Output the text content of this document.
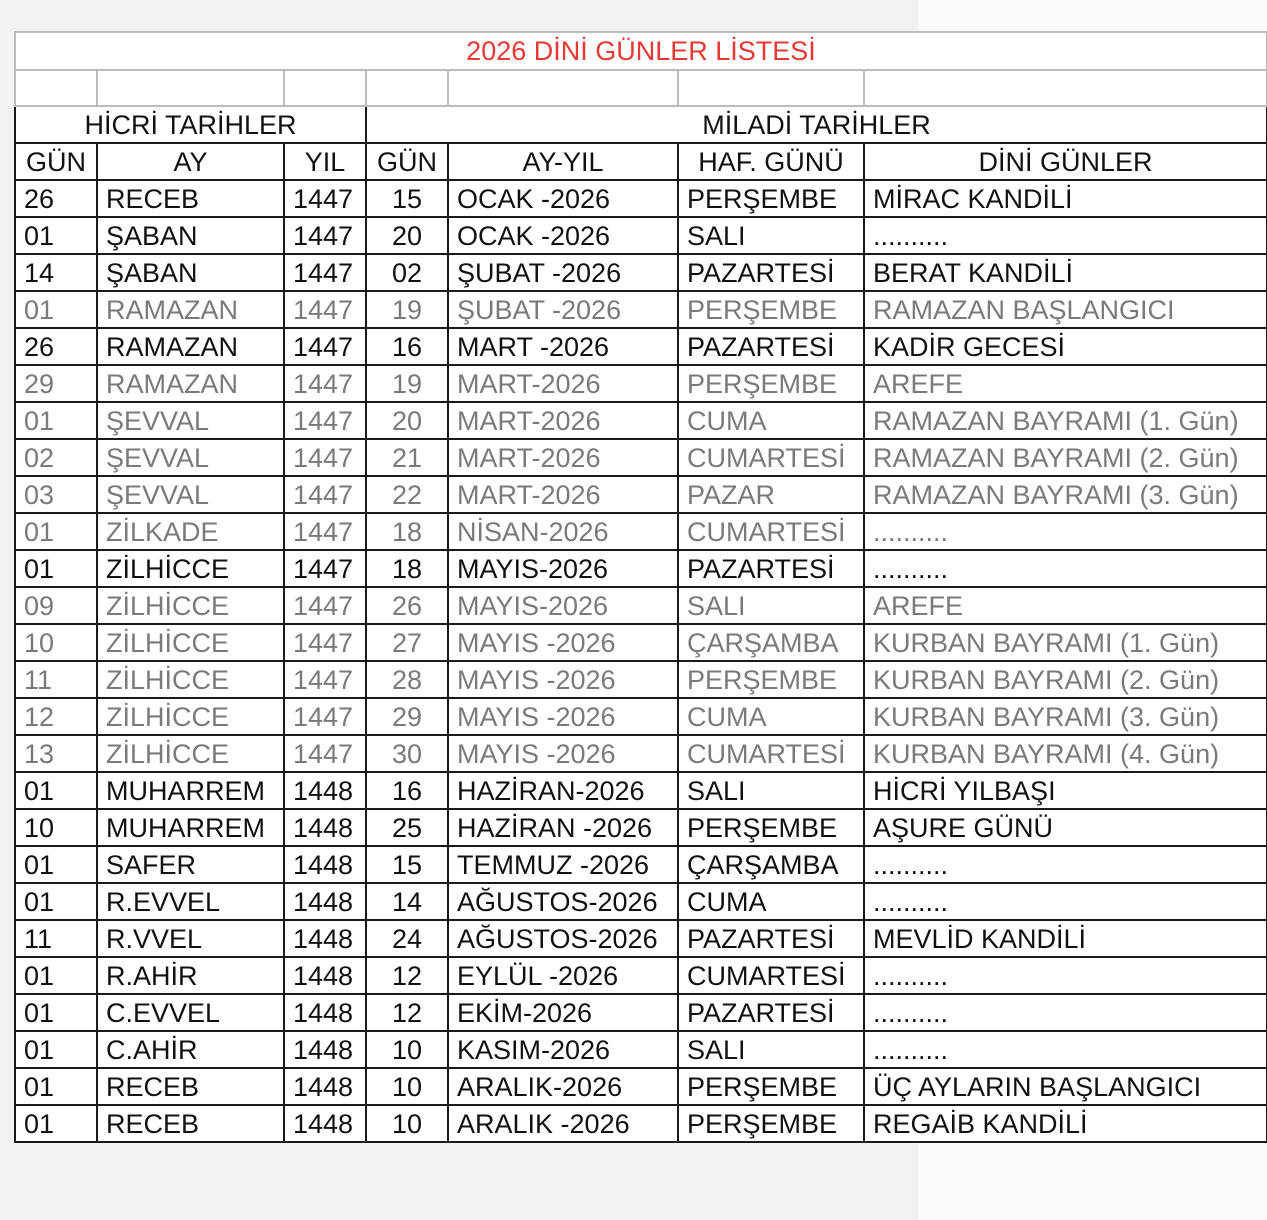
2026 DİNİ GÜNLER LİSTESİ						

HİCRİ TARİHLER			MİLADİ TARİHLER			
GÜN	AY	YIL	GÜN	AY-YIL	HAF. GÜNÜ	DİNİ GÜNLER
26	RECEB	1447	15	OCAK -2026	PERŞEMBE	MİRAC KANDİLİ
01	ŞABAN	1447	20	OCAK -2026	SALI	..........
14	ŞABAN	1447	02	ŞUBAT -2026	PAZARTESİ	BERAT KANDİLİ
01	RAMAZAN	1447	19	ŞUBAT -2026	PERŞEMBE	RAMAZAN BAŞLANGICI
26	RAMAZAN	1447	16	MART -2026	PAZARTESİ	KADİR GECESİ
29	RAMAZAN	1447	19	MART-2026	PERŞEMBE	AREFE
01	ŞEVVAL	1447	20	MART-2026	CUMA	RAMAZAN BAYRAMI (1. Gün)
02	ŞEVVAL	1447	21	MART-2026	CUMARTESİ	RAMAZAN BAYRAMI (2. Gün)
03	ŞEVVAL	1447	22	MART-2026	PAZAR	RAMAZAN BAYRAMI (3. Gün)
01	ZİLKADE	1447	18	NİSAN-2026	CUMARTESİ	..........
01	ZİLHİCCE	1447	18	MAYIS-2026	PAZARTESİ	..........
09	ZİLHİCCE	1447	26	MAYIS-2026	SALI	AREFE
10	ZİLHİCCE	1447	27	MAYIS -2026	ÇARŞAMBA	KURBAN BAYRAMI (1. Gün)
11	ZİLHİCCE	1447	28	MAYIS -2026	PERŞEMBE	KURBAN BAYRAMI (2. Gün)
12	ZİLHİCCE	1447	29	MAYIS -2026	CUMA	KURBAN BAYRAMI (3. Gün)
13	ZİLHİCCE	1447	30	MAYIS -2026	CUMARTESİ	KURBAN BAYRAMI (4. Gün)
01	MUHARREM	1448	16	HAZİRAN-2026	SALI	HİCRİ YILBAŞI
10	MUHARREM	1448	25	HAZİRAN -2026	PERŞEMBE	AŞURE GÜNÜ
01	SAFER	1448	15	TEMMUZ -2026	ÇARŞAMBA	..........
01	R.EVVEL	1448	14	AĞUSTOS-2026	CUMA	..........
11	R.VVEL	1448	24	AĞUSTOS-2026	PAZARTESİ	MEVLİD KANDİLİ
01	R.AHİR	1448	12	EYLÜL -2026	CUMARTESİ	..........
01	C.EVVEL	1448	12	EKİM-2026	PAZARTESİ	..........
01	C.AHİR	1448	10	KASIM-2026	SALI	..........
01	RECEB	1448	10	ARALIK-2026	PERŞEMBE	ÜÇ AYLARIN BAŞLANGICI
01	RECEB	1448	10	ARALIK -2026	PERŞEMBE	REGAİB KANDİLİ
